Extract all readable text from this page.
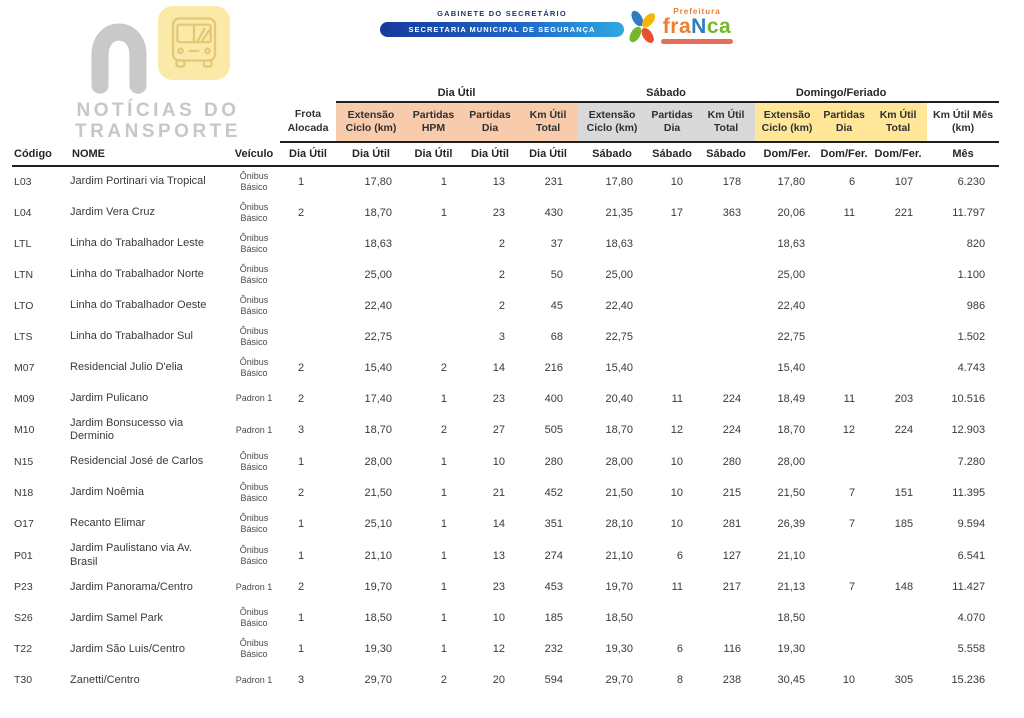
NOTÍCIAS DO
TRANSPORTE
GABINETE DO SECRETÁRIO
SECRETARIA MUNICIPAL DE SEGURANÇA
Prefeitura
fraNca
				Dia Útil				Sábado			Domingo/Feriado			
			Frota Alocada	Extensão Ciclo (km)	Partidas HPM	Partidas Dia	Km Útil Total	Extensão Ciclo (km)	Partidas Dia	Km Útil Total	Extensão Ciclo (km)	Partidas Dia	Km Útil Total	Km Útil Mês (km)
Código	NOME	Veículo	Dia Útil	Dia Útil	Dia Útil	Dia Útil	Dia Útil	Sábado	Sábado	Sábado	Dom/Fer.	Dom/Fer.	Dom/Fer.	Mês
L03	Jardim Portinari via Tropical	Ônibus Básico	1	17,80	1	13	231	17,80	10	178	17,80	6	107	6.230
L04	Jardim Vera Cruz	Ônibus Básico	2	18,70	1	23	430	21,35	17	363	20,06	11	221	11.797
LTL	Linha do Trabalhador Leste	Ônibus Básico		18,63		2	37	18,63			18,63			820
LTN	Linha do Trabalhador Norte	Ônibus Básico		25,00		2	50	25,00			25,00			1.100
LTO	Linha do Trabalhador Oeste	Ônibus Básico		22,40		2	45	22,40			22,40			986
LTS	Linha do Trabalhador Sul	Ônibus Básico		22,75		3	68	22,75			22,75			1.502
M07	Residencial Julio D'elia	Ônibus Básico	2	15,40	2	14	216	15,40			15,40			4.743
M09	Jardim Pulicano	Padron 1	2	17,40	1	23	400	20,40	11	224	18,49	11	203	10.516
M10	Jardim Bonsucesso via Derminio	Padron 1	3	18,70	2	27	505	18,70	12	224	18,70	12	224	12.903
N15	Residencial José de Carlos	Ônibus Básico	1	28,00	1	10	280	28,00	10	280	28,00			7.280
N18	Jardim Noêmia	Ônibus Básico	2	21,50	1	21	452	21,50	10	215	21,50	7	151	11.395
O17	Recanto Elimar	Ônibus Básico	1	25,10	1	14	351	28,10	10	281	26,39	7	185	9.594
P01	Jardim Paulistano via Av. Brasil	Ônibus Básico	1	21,10	1	13	274	21,10	6	127	21,10			6.541
P23	Jardim Panorama/Centro	Padron 1	2	19,70	1	23	453	19,70	11	217	21,13	7	148	11.427
S26	Jardim Samel Park	Ônibus Básico	1	18,50	1	10	185	18,50			18,50			4.070
T22	Jardim São Luis/Centro	Ônibus Básico	1	19,30	1	12	232	19,30	6	116	19,30			5.558
T30	Zanetti/Centro	Padron 1	3	29,70	2	20	594	29,70	8	238	30,45	10	305	15.236
